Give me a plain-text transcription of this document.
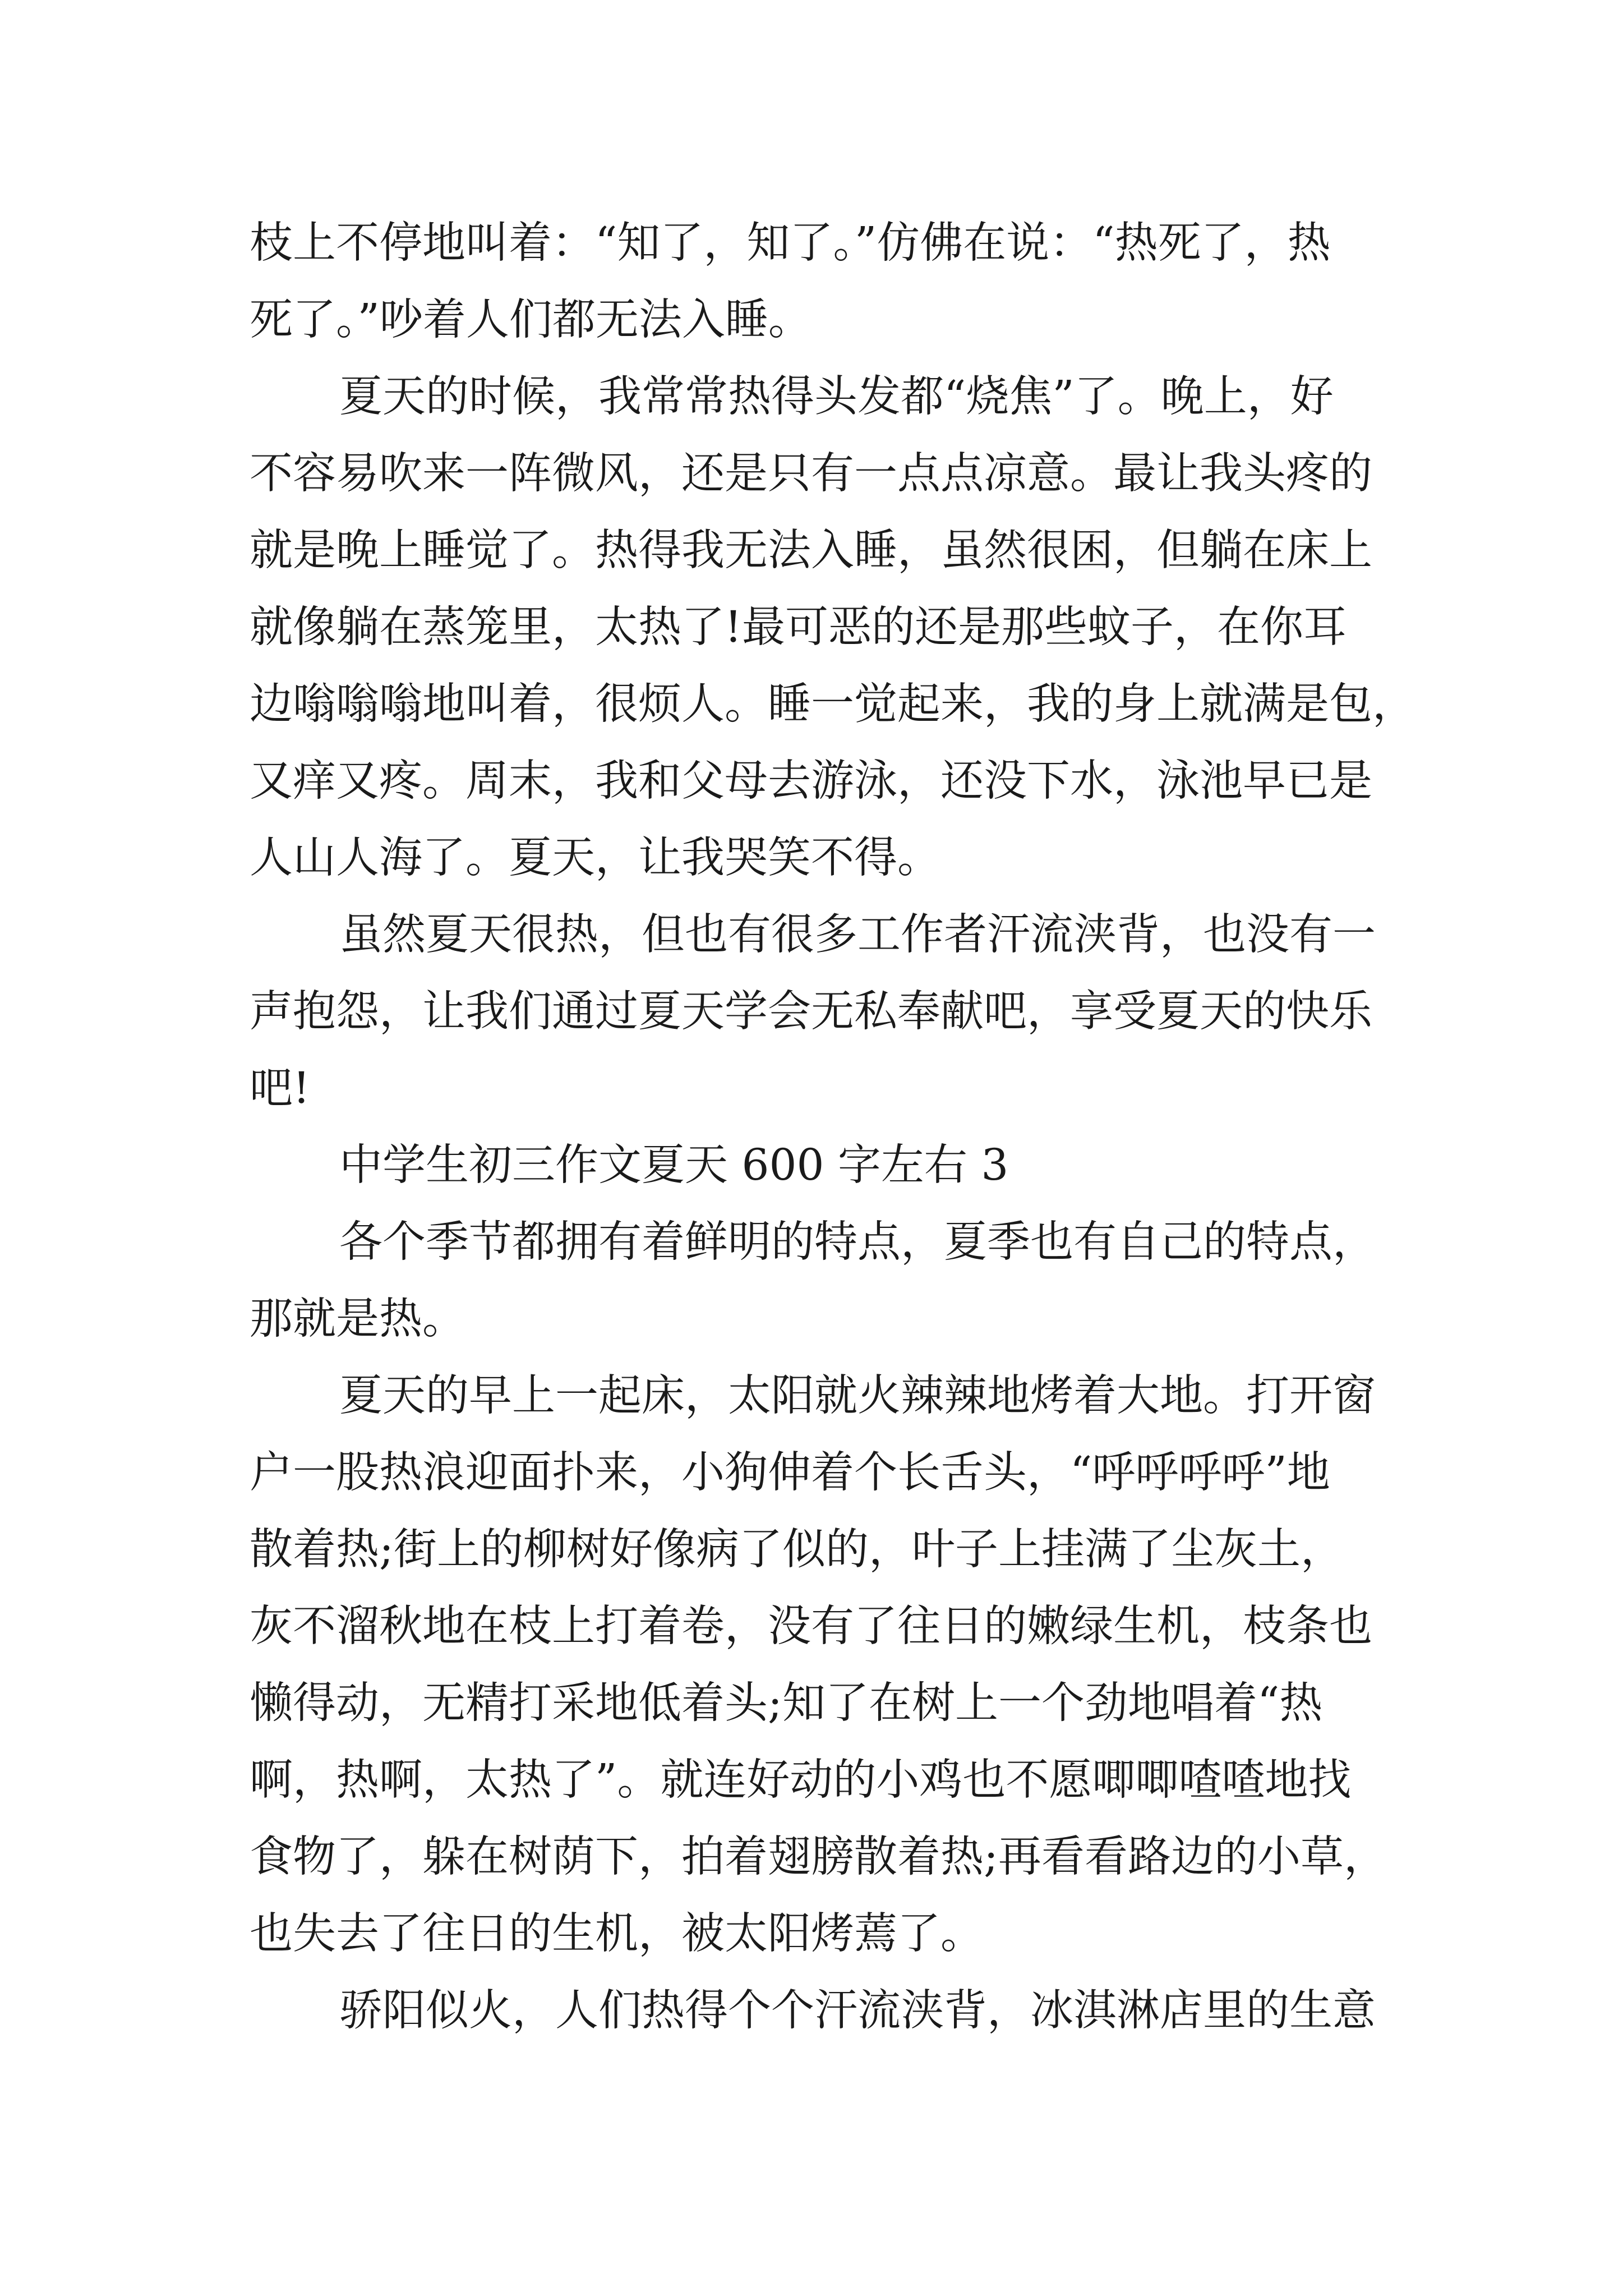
枝上不停地叫着：“知了，知了。”仿佛在说：“热死了，热
死了。”吵着人们都无法入睡。
夏天的时候，我常常热得头发都“烧焦”了。晚上，好
不容易吹来一阵微风，还是只有一点点凉意。最让我头疼的
就是晚上睡觉了。热得我无法入睡，虽然很困，但躺在床上
就像躺在蒸笼里，太热了!最可恶的还是那些蚊子，在你耳
边嗡嗡嗡地叫着，很烦人。睡一觉起来，我的身上就满是包，
又痒又疼。周末，我和父母去游泳，还没下水，泳池早已是
人山人海了。夏天，让我哭笑不得。
虽然夏天很热，但也有很多工作者汗流浃背，也没有一
声抱怨，让我们通过夏天学会无私奉献吧，享受夏天的快乐
吧!
中学生初三作文夏天 600 字左右 3
各个季节都拥有着鲜明的特点，夏季也有自己的特点，
那就是热。
夏天的早上一起床，太阳就火辣辣地烤着大地。打开窗
户一股热浪迎面扑来，小狗伸着个长舌头，“呼呼呼呼”地
散着热;街上的柳树好像病了似的，叶子上挂满了尘灰土，
灰不溜秋地在枝上打着卷，没有了往日的嫩绿生机，枝条也
懒得动，无精打采地低着头;知了在树上一个劲地唱着“热
啊，热啊，太热了”。就连好动的小鸡也不愿唧唧喳喳地找
食物了，躲在树荫下，拍着翅膀散着热;再看看路边的小草，
也失去了往日的生机，被太阳烤蔫了。
骄阳似火，人们热得个个汗流浃背，冰淇淋店里的生意
